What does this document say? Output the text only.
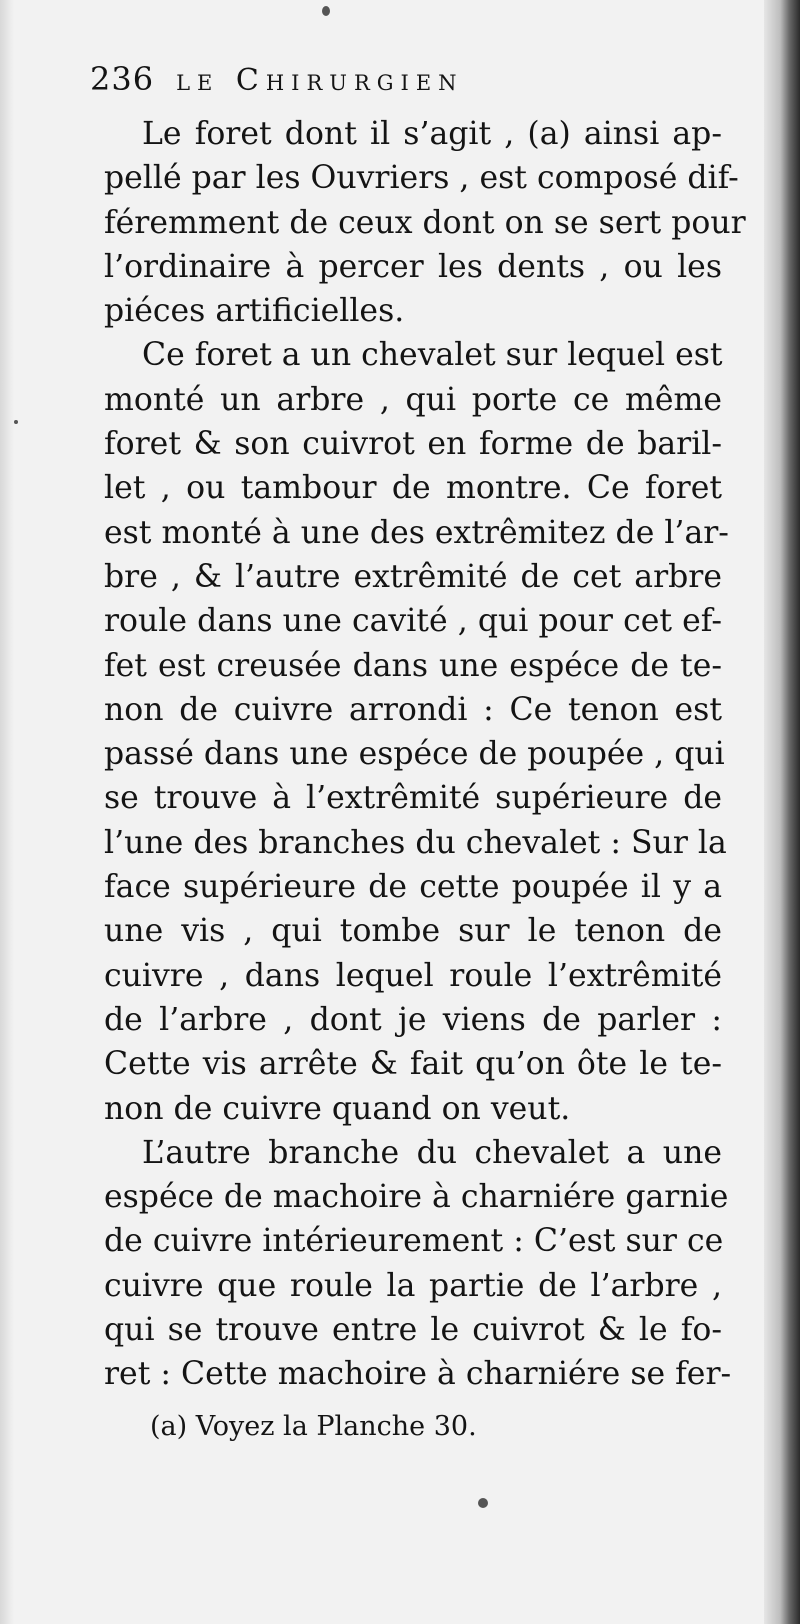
236 le Chirurgien
Le foret dont il s’agit , (a) ainsi ap-
pellé par les Ouvriers , est composé dif-
féremment de ceux dont on se sert pour
l’ordinaire à percer les dents , ou les
piéces artificielles.
Ce foret a un chevalet sur lequel est
monté un arbre , qui porte ce même
foret & son cuivrot en forme de baril-
let , ou tambour de montre. Ce foret
est monté à une des extrêmitez de l’ar-
bre , & l’autre extrêmité de cet arbre
roule dans une cavité , qui pour cet ef-
fet est creusée dans une espéce de te-
non de cuivre arrondi : Ce tenon est
passé dans une espéce de poupée , qui
se trouve à l’extrêmité supérieure de
l’une des branches du chevalet : Sur la
face supérieure de cette poupée il y a
une vis , qui tombe sur le tenon de
cuivre , dans lequel roule l’extrêmité
de l’arbre , dont je viens de parler :
Cette vis arrête & fait qu’on ôte le te-
non de cuivre quand on veut.
L’autre branche du chevalet a une
espéce de machoire à charniére garnie
de cuivre intérieurement : C’est sur ce
cuivre que roule la partie de l’arbre ,
qui se trouve entre le cuivrot & le fo-
ret : Cette machoire à charniére se fer-
(a) Voyez la Planche 30.
